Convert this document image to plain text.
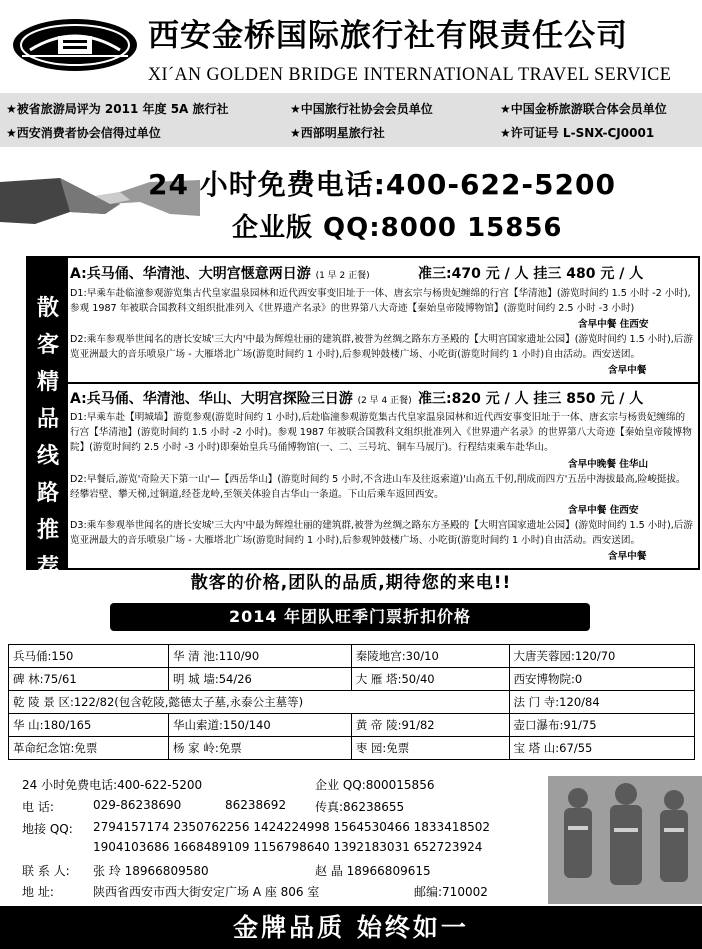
西安金桥国际旅行社有限责任公司
XI´AN GOLDEN BRIDGE INTERNATIONAL TRAVEL SERVICE
★被省旅游局评为 2011 年度 5A 旅行社	★中国旅行社协会会员单位	★中国金桥旅游联合体会员单位
★西安消费者协会信得过单位	★西部明星旅行社	★许可证号 L-SNX-CJ0001
24 小时免费电话:400-622-5200
企业版 QQ:8000 15856
散
客
精
品
线
路
推
荐
A:兵马俑、华清池、大明宫惬意两日游 (1 早 2 正餐)	准三:470 元 / 人 挂三 480 元 / 人
D1:早乘车赴临潼参观游览集古代皇家温泉园林和近代西安事变旧址于一体、唐玄宗与杨贵妃缠绵的行宫【华清池】(游览时间约 1.5 小时 -2 小时),参观 1987 年被联合国教科文组织批准列入《世界遗产名录》的世界第八大奇迹【秦始皇帝陵博物馆】(游览时间约 2.5 小时 -3 小时)
含早中餐 住西安
D2:乘车参观举世闻名的唐长安城'三大内'中最为辉煌壮丽的建筑群,被誉为丝绸之路东方圣殿的【大明宫国家遗址公园】(游览时间约 1.5 小时),后游览亚洲最大的音乐喷泉广场 - 大雁塔北广场(游览时间约 1 小时),后参观钟鼓楼广场、小吃街(游览时间约 1 小时)自由活动。西安送团。
含早中餐
A:兵马俑、华清池、华山、大明宫探险三日游 (2 早 4 正餐) 准三:820 元 / 人 挂三 850 元 / 人
D1:早乘车赴【明城墙】游览参观(游览时间约 1 小时),后赴临潼参观游览集古代皇家温泉园林和近代西安事变旧址于一体、唐玄宗与杨贵妃缠绵的行宫【华清池】(游览时间约 1.5 小时 -2 小时)。参观 1987 年被联合国教科文组织批准列入《世界遗产名录》的世界第八大奇迹【秦始皇帝陵博物院】(游览时间约 2.5 小时 -3 小时)即秦始皇兵马俑博物馆(一、二、三号坑、铜车马展厅)。行程结束乘车赴华山。
含早中晚餐 住华山
D2:早餐后,游览'奇险天下第一山'—【西岳华山】(游览时间约 5 小时,不含进山车及往返索道)'山高五千仞,削成而四方'五岳中海拔最高,险峻挺拔。经攀岩壁、攀天梯,过铜道,经苍龙岭,至领关体验自古华山一条道。下山后乘车返回西安。
含早中餐 住西安
D3:乘车参观举世闻名的唐长安城'三大内'中最为辉煌壮丽的建筑群,被誉为丝绸之路东方圣殿的【大明宫国家遗址公园】(游览时间约 1.5 小时),后游览亚洲最大的音乐喷泉广场 - 大雁塔北广场(游览时间约 1 小时),后参观钟鼓楼广场、小吃街(游览时间约 1 小时)自由活动。西安送团。
含早中餐
散客的价格,团队的品质,期待您的来电!!
2014 年团队旺季门票折扣价格
兵马俑:150	华 清 池:110/90	秦陵地宫:30/10	大唐芙蓉园:120/70
碑 林:75/61	明 城 墙:54/26	大 雁 塔:50/40	西安博物院:0
乾 陵 景 区:122/82(包含乾陵,懿德太子墓,永泰公主墓等)			法 门 寺:120/84
华 山:180/165	华山索道:150/140	黄 帝 陵:91/82	壶口瀑布:91/75
革命纪念馆:免票	杨 家 岭:免票	枣 园:免票	宝 塔 山:67/55
24 小时免费电话:400-622-5200	企业 QQ:800015856
电 话:	029-86238690	86238692 传真:86238655
地接 QQ: 2794157174 2350762256 1424224998 1564530466 1833418502
1904103686 1668489109 1156798640 1392183031 652723924
联 系 人: 张 玲 18966809580	赵 晶 18966809615
地 址:	陕西省西安市西大街安定广场 A 座 806 室	邮编:710002
金牌品质 始终如一
